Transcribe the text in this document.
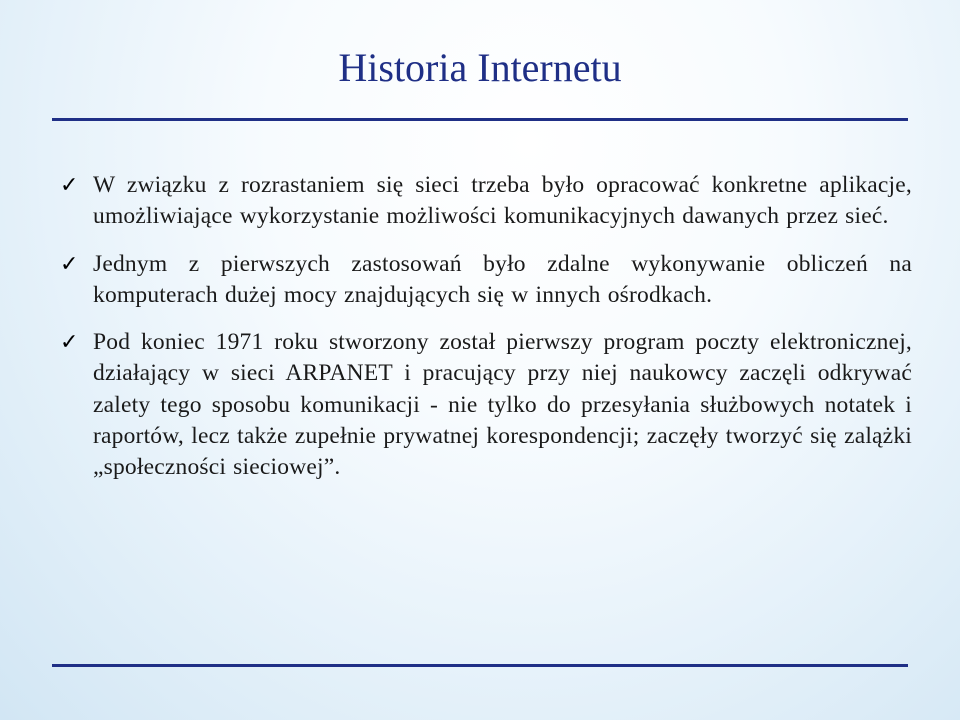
Historia Internetu
✓ W związku z rozrastaniem się sieci trzeba było opracować konkretne aplikacje, umożliwiające wykorzystanie możliwości komunikacyjnych dawanych przez sieć.
✓ Jednym z pierwszych zastosowań było zdalne wykonywanie obliczeń na komputerach dużej mocy znajdujących się w innych ośrodkach.
✓ Pod koniec 1971 roku stworzony został pierwszy program poczty elektronicznej, działający w sieci ARPANET i pracujący przy niej naukowcy zaczęli odkrywać zalety tego sposobu komunikacji - nie tylko do przesyłania służbowych notatek i raportów, lecz także zupełnie prywatnej korespondencji; zaczęły tworzyć się zalążki „społeczności sieciowej”.
